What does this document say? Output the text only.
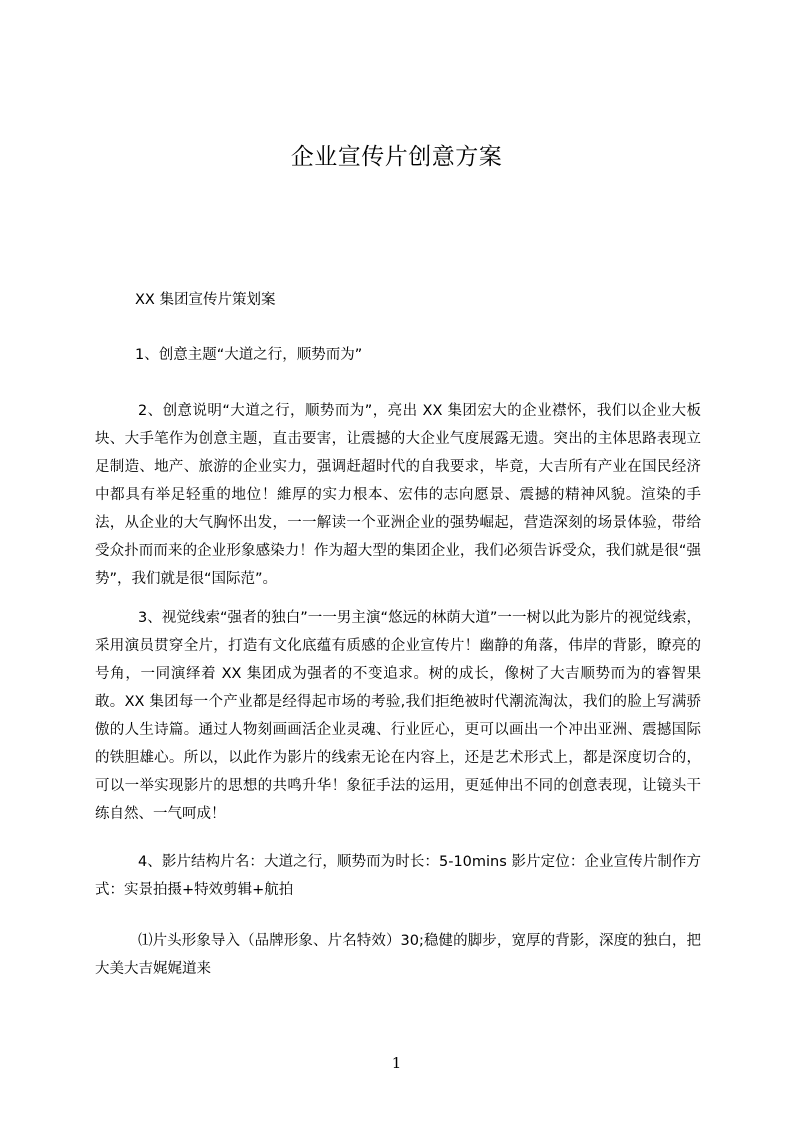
企业宣传片创意方案
XX 集团宣传片策划案
1、创意主题“大道之行，顺势而为”
2、创意说明“大道之行，顺势而为”，亮出 XX 集团宏大的企业襟怀，我们以企业大板块、大手笔作为创意主题，直击要害，让震撼的大企业气度展露无遗。突出的主体思路表现立足制造、地产、旅游的企业实力，强调赶超时代的自我要求，毕竟，大吉所有产业在国民经济中都具有举足轻重的地位！維厚的实力根本、宏伟的志向愿景、震撼的精神风貌。渲染的手法，从企业的大气胸怀出发，一一解读一个亚洲企业的强势崛起，营造深刻的场景体验，带给受众扑而而来的企业形象感染力！作为超大型的集团企业，我们必须告诉受众，我们就是很“强势”，我们就是很“国际范”。
3、视觉线索“强者的独白”一一男主演“悠远的林荫大道”一一树以此为影片的视觉线索，采用演员贯穿全片，打造有文化底蕴有质感的企业宣传片！幽静的角落，伟岸的背影，瞭亮的号角，一同演绎着 XX 集团成为强者的不变追求。树的成长，像树了大吉顺势而为的睿智果敢。XX 集团每一个产业都是经得起市场的考验,我们拒绝被时代潮流淘汰，我们的脸上写满骄傲的人生诗篇。通过人物刻画画活企业灵魂、行业匠心，更可以画出一个冲出亚洲、震撼国际的铁胆雄心。所以，以此作为影片的线索无论在内容上，还是艺术形式上，都是深度切合的，可以一举实现影片的思想的共鸣升华！象征手法的运用，更延伸出不同的创意表现，让镜头干练自然、一气呵成！
4、影片结构片名：大道之行，顺势而为时长：5-10mins 影片定位：企业宣传片制作方式：实景拍摄+特效剪辑+航拍
⑴片头形象导入（品牌形象、片名特效）30;稳健的脚步，宽厚的背影，深度的独白，把大美大吉娓娓道来
1
